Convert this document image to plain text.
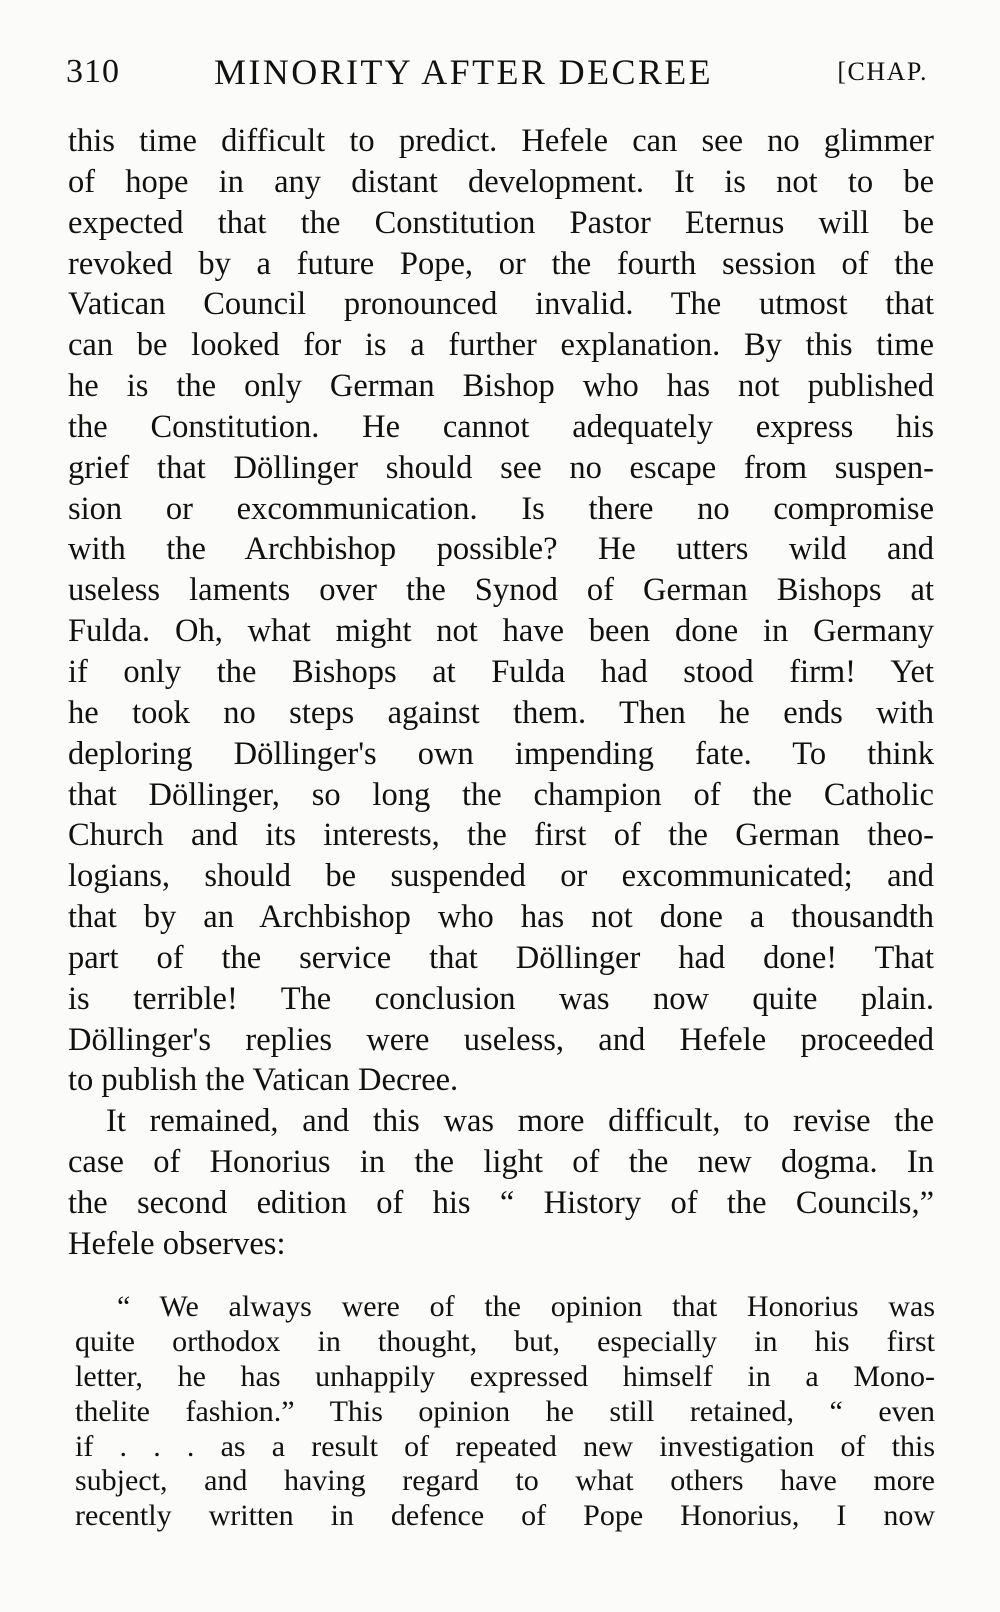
310	MINORITY AFTER DECREE	[CHAP.
this time difficult to predict. Hefele can see no glimmer
of hope in any distant development. It is not to be
expected that the Constitution Pastor Eternus will be
revoked by a future Pope, or the fourth session of the
Vatican Council pronounced invalid. The utmost that
can be looked for is a further explanation. By this time
he is the only German Bishop who has not published
the Constitution. He cannot adequately express his
grief that Döllinger should see no escape from suspen-
sion or excommunication. Is there no compromise
with the Archbishop possible? He utters wild and
useless laments over the Synod of German Bishops at
Fulda. Oh, what might not have been done in Germany
if only the Bishops at Fulda had stood firm! Yet
he took no steps against them. Then he ends with
deploring Döllinger's own impending fate. To think
that Döllinger, so long the champion of the Catholic
Church and its interests, the first of the German theo-
logians, should be suspended or excommunicated; and
that by an Archbishop who has not done a thousandth
part of the service that Döllinger had done! That
is terrible! The conclusion was now quite plain.
Döllinger's replies were useless, and Hefele proceeded
to publish the Vatican Decree.
It remained, and this was more difficult, to revise the
case of Honorius in the light of the new dogma. In
the second edition of his “ History of the Councils,”
Hefele observes:
“ We always were of the opinion that Honorius was
quite orthodox in thought, but, especially in his first
letter, he has unhappily expressed himself in a Mono-
thelite fashion.” This opinion he still retained, “ even
if . . . as a result of repeated new investigation of this
subject, and having regard to what others have more
recently written in defence of Pope Honorius, I now
